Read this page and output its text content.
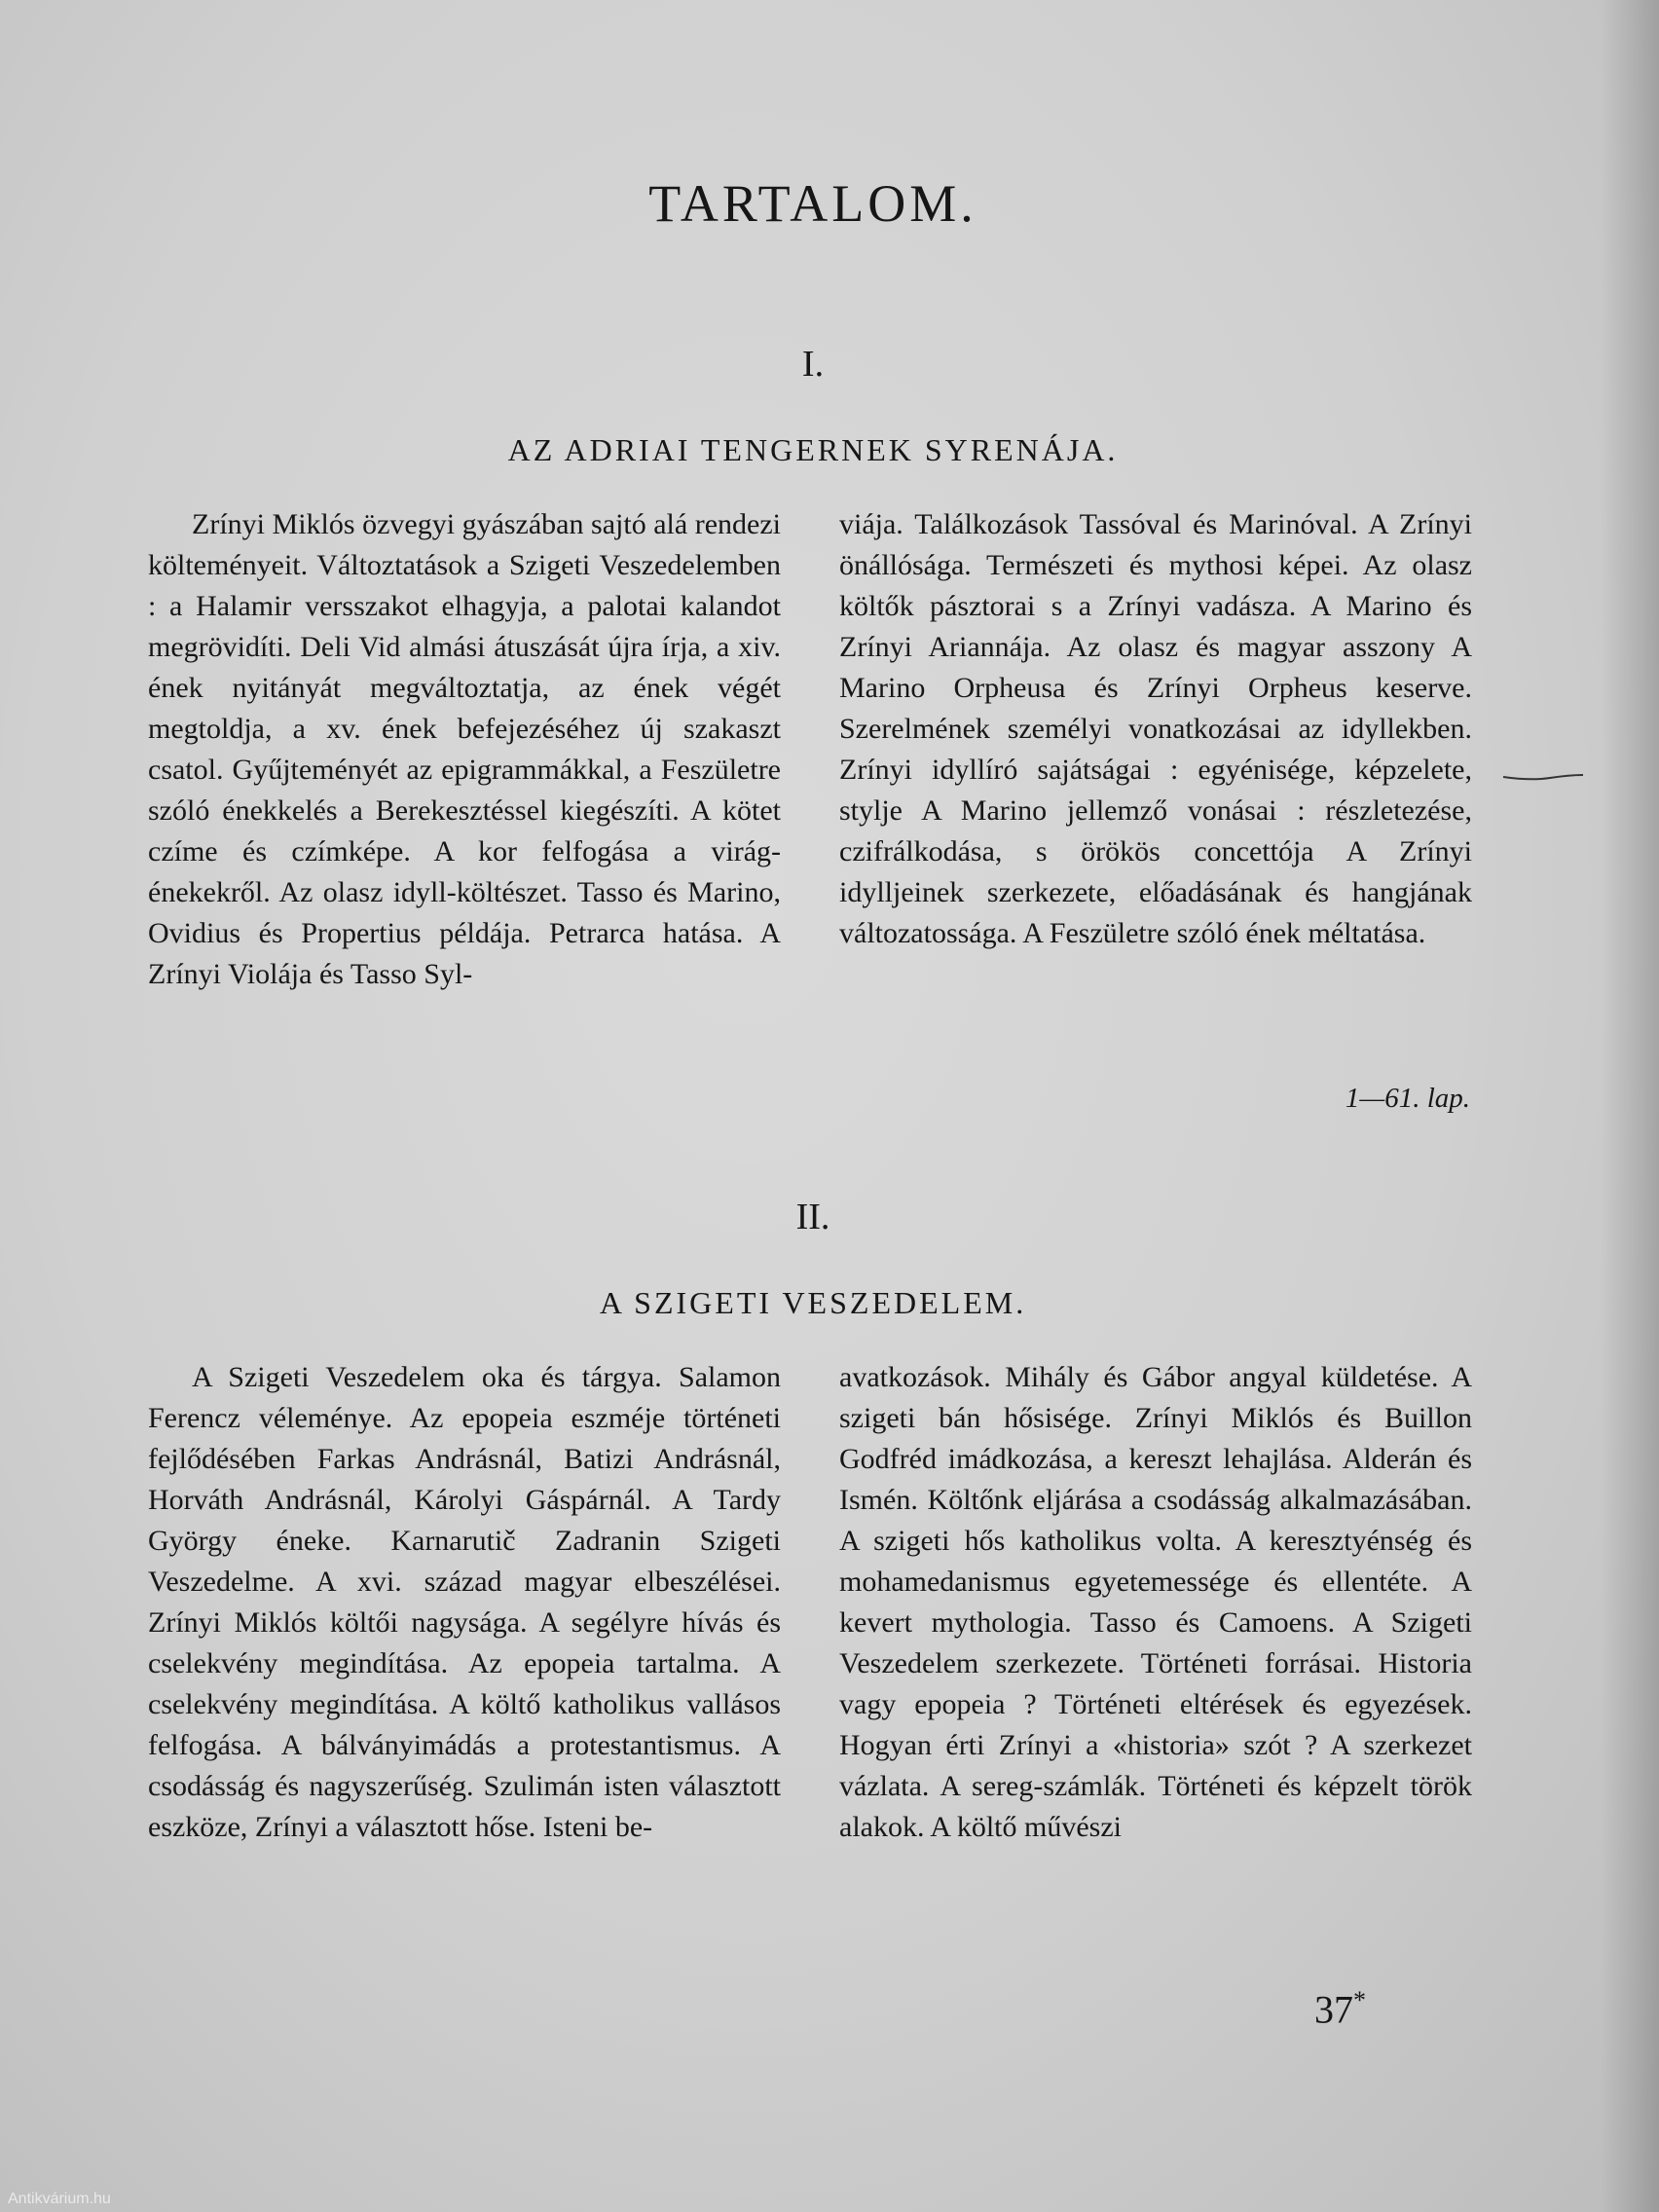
TARTALOM.
I.
AZ ADRIAI TENGERNEK SYRENÁJA.

Zrínyi Miklós özvegyi gyászában sajtó alá rendezi költeményeit. Változtatások a Szigeti Veszedelemben : a Halamir versszakot elhagyja, a palotai kalandot megrövidíti. Deli Vid almási átuszását újra írja, a xiv. ének nyitányát megváltoztatja, az ének végét megtoldja, a xv. ének befejezéséhez új szakaszt csatol. Gyűjteményét az epigrammákkal, a Feszületre szóló énekkelés a Berekesztéssel kiegészíti. A kötet czíme és czímképe. A kor felfogása a virág-énekekről. Az olasz idyll-költészet. Tasso és Marino, Ovidius és Propertius példája. Petrarca hatása. A Zrínyi Violája és Tasso Syl-

viája. Találkozások Tassóval és Marinóval. A Zrínyi önállósága. Természeti és mythosi képei. Az olasz költők pásztorai s a Zrínyi vadásza. A Marino és Zrínyi Ariannája. Az olasz és magyar asszony A Marino Orpheusa és Zrínyi Orpheus keserve. Szerelmének személyi vonatkozásai az idyllekben. Zrínyi idyllíró sajátságai : egyénisége, képzelete, stylje A Marino jellemző vonásai : részletezése, czifrálkodása, s örökös concettója A Zrínyi idylljeinek szerkezete, előadásának és hangjának változatossága. A Feszületre szóló ének méltatása.

1—61. lap.
II.
A SZIGETI VESZEDELEM.

A Szigeti Veszedelem oka és tárgya. Salamon Ferencz véleménye. Az epopeia eszméje történeti fejlődésében Farkas Andrásnál, Batizi Andrásnál, Horváth Andrásnál, Károlyi Gáspárnál. A Tardy György éneke. Karnarutič Zadranin Szigeti Veszedelme. A xvi. század magyar elbeszélései. Zrínyi Miklós költői nagysága. A segélyre hívás és cselekvény megindítása. Az epopeia tartalma. A cselekvény megindítása. A költő katholikus vallásos felfogása. A bálványimádás a protestantismus. A csodásság és nagyszerűség. Szulimán isten választott eszköze, Zrínyi a választott hőse. Isteni be-

avatkozások. Mihály és Gábor angyal küldetése. A szigeti bán hősisége. Zrínyi Miklós és Buillon Godfréd imádkozása, a kereszt lehajlása. Alderán és Ismén. Költőnk eljárása a csodásság alkalmazásában. A szigeti hős katholikus volta. A keresztyénség és mohamedanismus egyetemessége és ellentéte. A kevert mythologia. Tasso és Camoens. A Szigeti Veszedelem szerkezete. Történeti forrásai. Historia vagy epopeia ? Történeti eltérések és egyezések. Hogyan érti Zrínyi a «historia» szót ? A szerkezet vázlata. A sereg-számlák. Történeti és képzelt török alakok. A költő művészi

37*
Antikvárium.hu
